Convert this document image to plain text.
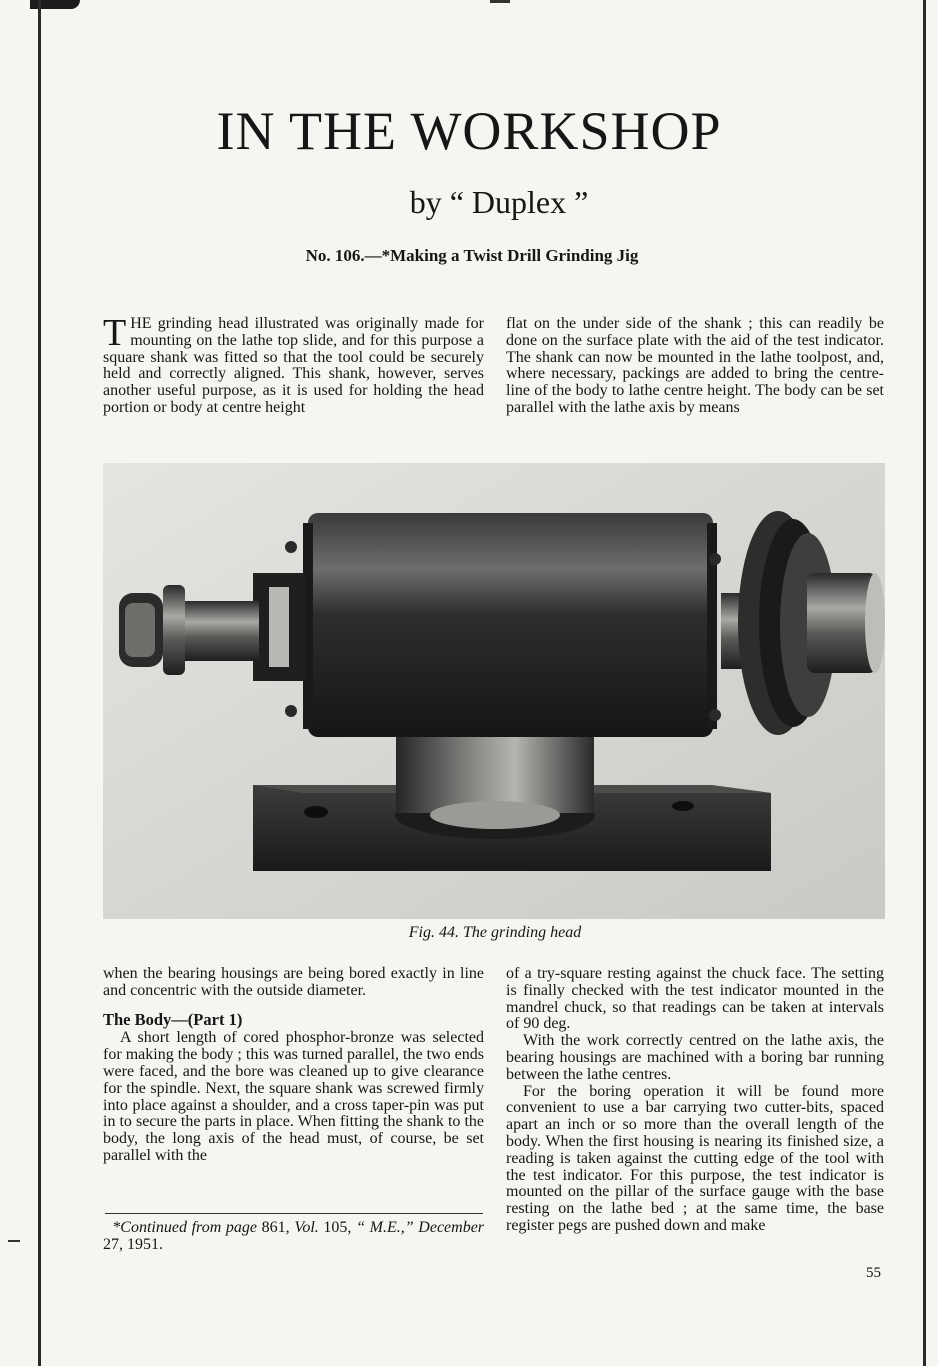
IN THE WORKSHOP
by “ Duplex ”
No. 106.—*Making a Twist Drill Grinding Jig

THE grinding head illustrated was originally made for mounting on the lathe top slide, and for this purpose a square shank was fitted so that the tool could be securely held and correctly aligned. This shank, however, serves another useful purpose, as it is used for holding the head portion or body at centre height

flat on the under side of the shank ; this can readily be done on the surface plate with the aid of the test indicator. The shank can now be mounted in the lathe toolpost, and, where necessary, packings are added to bring the centre-line of the body to lathe centre height. The body can be set parallel with the lathe axis by means

Fig. 44. The grinding head

when the bearing housings are being bored exactly in line and concentric with the outside diameter.

The Body—(Part 1)

A short length of cored phosphor-bronze was selected for making the body ; this was turned parallel, the two ends were faced, and the bore was cleaned up to give clearance for the spindle. Next, the square shank was screwed firmly into place against a shoulder, and a cross taper-pin was put in to secure the parts in place. When fitting the shank to the body, the long axis of the head must, of course, be set parallel with the

of a try-square resting against the chuck face. The setting is finally checked with the test indicator mounted in the mandrel chuck, so that readings can be taken at intervals of 90 deg.

With the work correctly centred on the lathe axis, the bearing housings are machined with a boring bar running between the lathe centres.

For the boring operation it will be found more convenient to use a bar carrying two cutter-bits, spaced apart an inch or so more than the overall length of the body. When the first housing is nearing its finished size, a reading is taken against the cutting edge of the tool with the test indicator. For this purpose, the test indicator is mounted on the pillar of the surface gauge with the base resting on the lathe bed ; at the same time, the base register pegs are pushed down and make

*Continued from page 861, Vol. 105, “ M.E.,” December 27, 1951.
55
